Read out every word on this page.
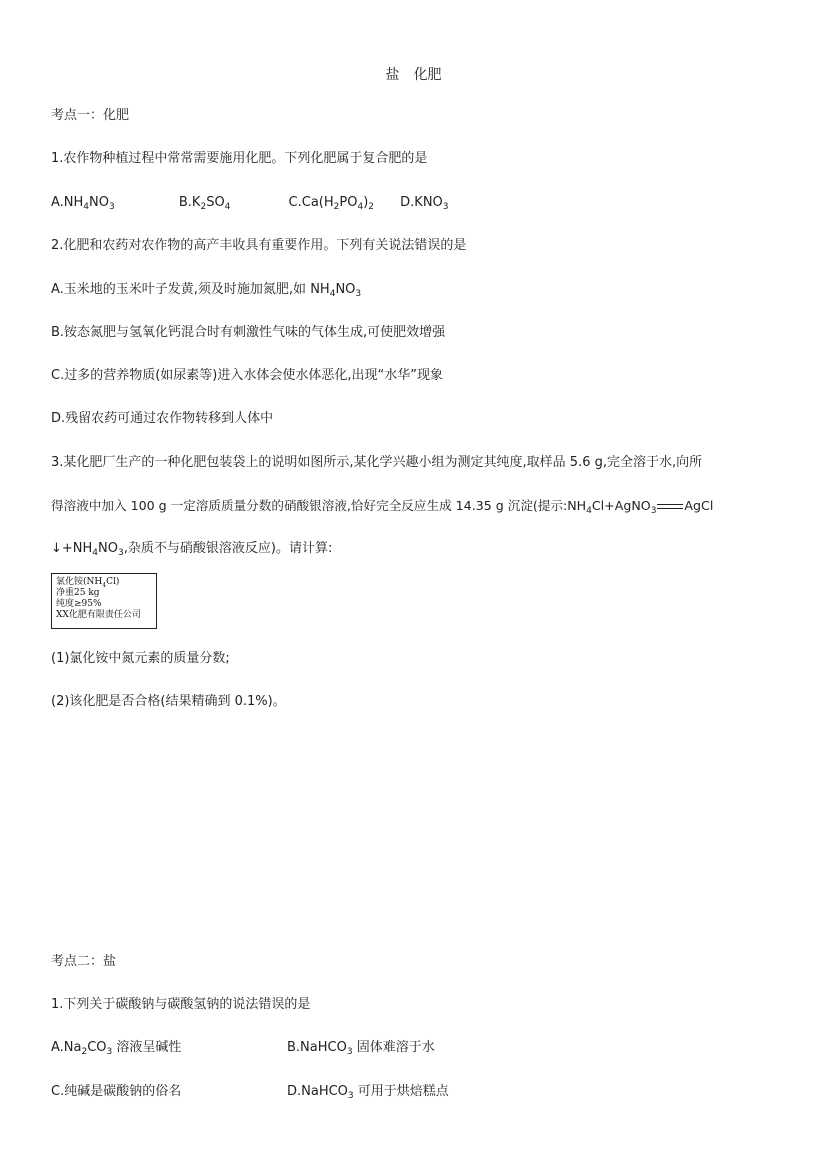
盐　化肥
考点一：化肥
1.农作物种植过程中常常需要施用化肥。下列化肥属于复合肥的是
$A.NH_4NO_3$	$B.K_2SO_4$	$C.Ca(H_2PO_4)_2$ $D.KNO_3$
2.化肥和农药对农作物的高产丰收具有重要作用。下列有关说法错误的是
A.玉米地的玉米叶子发黄,须及时施加氮肥,如 $NH_4NO_3$
B.铵态氮肥与氢氧化钙混合时有刺激性气味的气体生成,可使肥效增强
C.过多的营养物质(如尿素等)进入水体会使水体恶化,出现“水华”现象
D.残留农药可通过农作物转移到人体中
3.某化肥厂生产的一种化肥包装袋上的说明如图所示,某化学兴趣小组为测定其纯度,取样品 5.6 g,完全溶于水,向所
得溶液中加入 100 g 一定溶质质量分数的硝酸银溶液,恰好完全反应生成 14.35 g 沉淀(提示$:NH_4Cl+AgNO_3$ AgCl
$↓+NH_4NO_3$,杂质不与硝酸银溶液反应)。请计算:
氯化铵$(NH_4Cl)$
净重25 kg
纯度≥95%
XX化肥有限责任公司
(1)氯化铵中氮元素的质量分数;
(2)该化肥是否合格(结果精确到 0.1%)。
考点二：盐
1.下列关于碳酸钠与碳酸氢钠的说法错误的是
$A.Na_2CO_3$ 溶液呈碱性	B.NaHCO$_3$ 固体难溶于水
C.纯碱是碳酸钠的俗名	D.NaHCO$_3$ 可用于烘焙糕点
